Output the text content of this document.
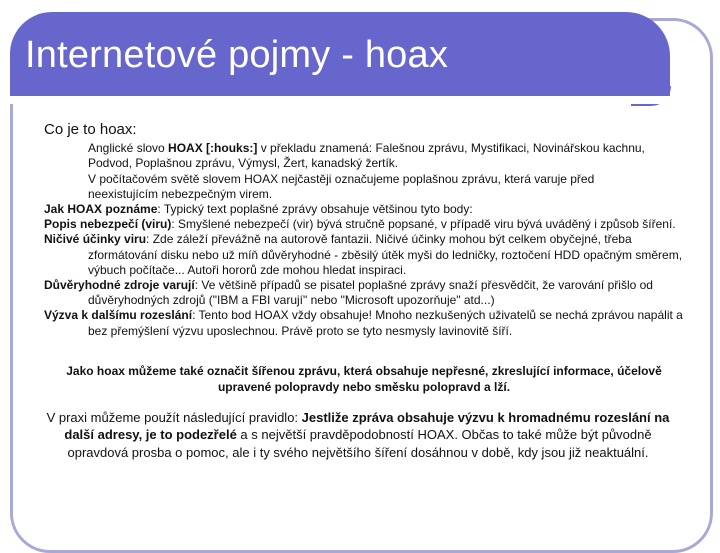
Internetové pojmy - hoax

Co je to hoax:

Anglické slovo HOAX [:houks:] v překladu znamená: Falešnou zprávu, Mystifikaci, Novinářskou kachnu,

Podvod, Poplašnou zprávu, Výmysl, Žert, kanadský žertík.

V počítačovém světě slovem HOAX nejčastěji označujeme poplašnou zprávu, která varuje před

neexistujícím nebezpečným virem.

Jak HOAX poznáme: Typický text poplašné zprávy obsahuje většinou tyto body:

Popis nebezpečí (viru): Smyšlené nebezpečí (vir) bývá stručně popsané, v případě viru bývá uváděný i způsob šíření.

Ničivé účinky viru: Zde záleží převážně na autorově fantazii. Ničivé účinky mohou být celkem obyčejné, třeba zformátování disku nebo už míň důvěryhodné - zběsilý útěk myši do ledničky, roztočení HDD opačným směrem, výbuch počítače... Autoři hororů zde mohou hledat inspiraci.

Důvěryhodné zdroje varují: Ve většině případů se pisatel poplašné zprávy snaží přesvědčit, že varování přišlo od důvěryhodných zdrojů ("IBM a FBI varují" nebo "Microsoft upozorňuje" atd...)

Výzva k dalšímu rozeslání: Tento bod HOAX vždy obsahuje! Mnoho nezkušených uživatelů se nechá zprávou napálit a bez přemýšlení výzvu uposlechnou. Právě proto se tyto nesmysly lavinovitě šíří.

Jako hoax můžeme také označit šířenou zprávu, která obsahuje nepřesné, zkreslující informace, účelově upravené polopravdy nebo směsku polopravd a lží.

V praxi můžeme použít následující pravidlo: Jestliže zpráva obsahuje výzvu k hromadnému rozeslání na další adresy, je to podezřelé a s největší pravděpodobností HOAX. Občas to také může být původně opravdová prosba o pomoc, ale i ty svého největšího šíření dosáhnou v době, kdy jsou již neaktuální.
